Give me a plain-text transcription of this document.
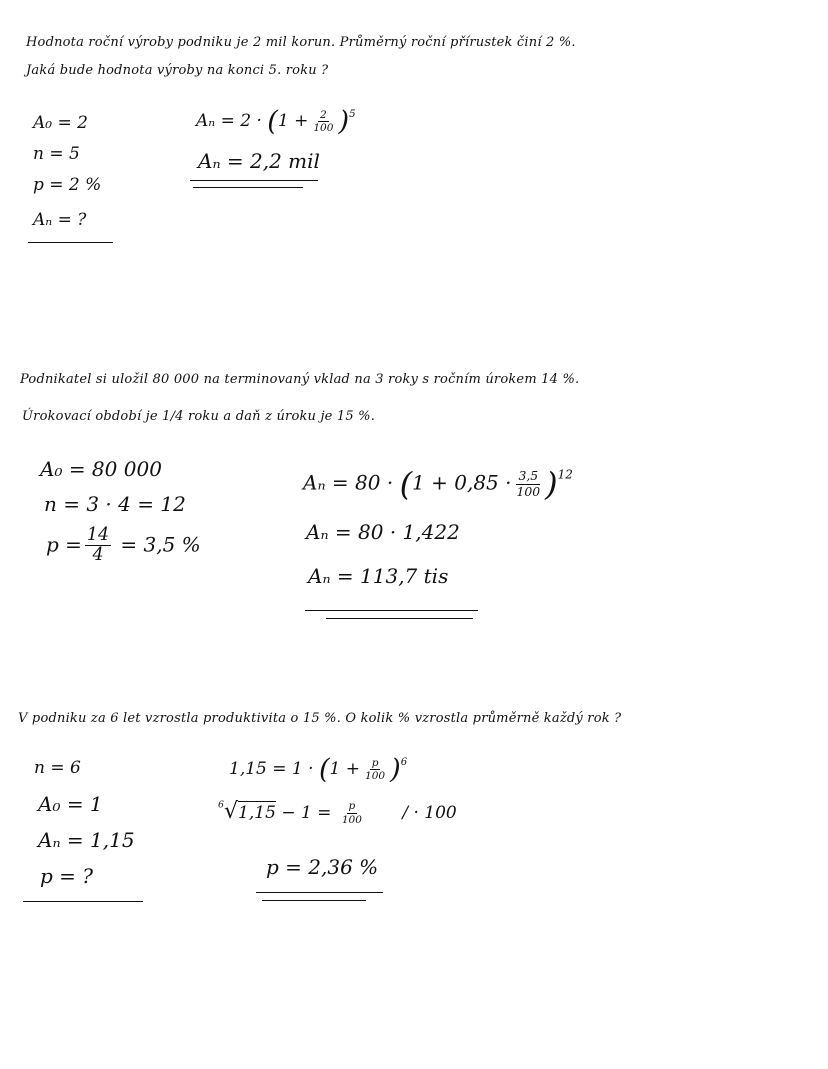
Hodnota roční výroby podniku je 2 mil korun. Průměrný roční přírustek činí 2 %.
Jaká bude hodnota výroby na konci 5. roku ?
A₀ = 2
n = 5
p = 2 %
Aₙ = ?
$A_n = 2 \cdot (1 + \frac{2}{100} )^5$
Aₙ = 2,2 mil
Podnikatel si uložil 80 000 na terminovaný vklad na 3 roky s ročním úrokem 14 %.
Úrokovací období je 1/4 roku a daň z úroku je 15 %.
A₀ = 80 000
n = 3 · 4 = 12
$p = \frac{14}{4} = 3,5$ %
$A_n = 80 \cdot (1 + 0,85 \cdot \frac{3,5}{100} )^{12}$
Aₙ = 80 · 1,422
Aₙ = 113,7 tis
V podniku za 6 let vzrostla produktivita o 15 %. O kolik % vzrostla průměrně každý rok ?
n = 6
A₀ = 1
Aₙ = 1,15
p = ?
$1,15 = 1 \cdot (1 + \frac{p}{100} )^6$
$^6√1,15 - 1 = \frac{p}{100}$ / · 100
p = 2,36 %
